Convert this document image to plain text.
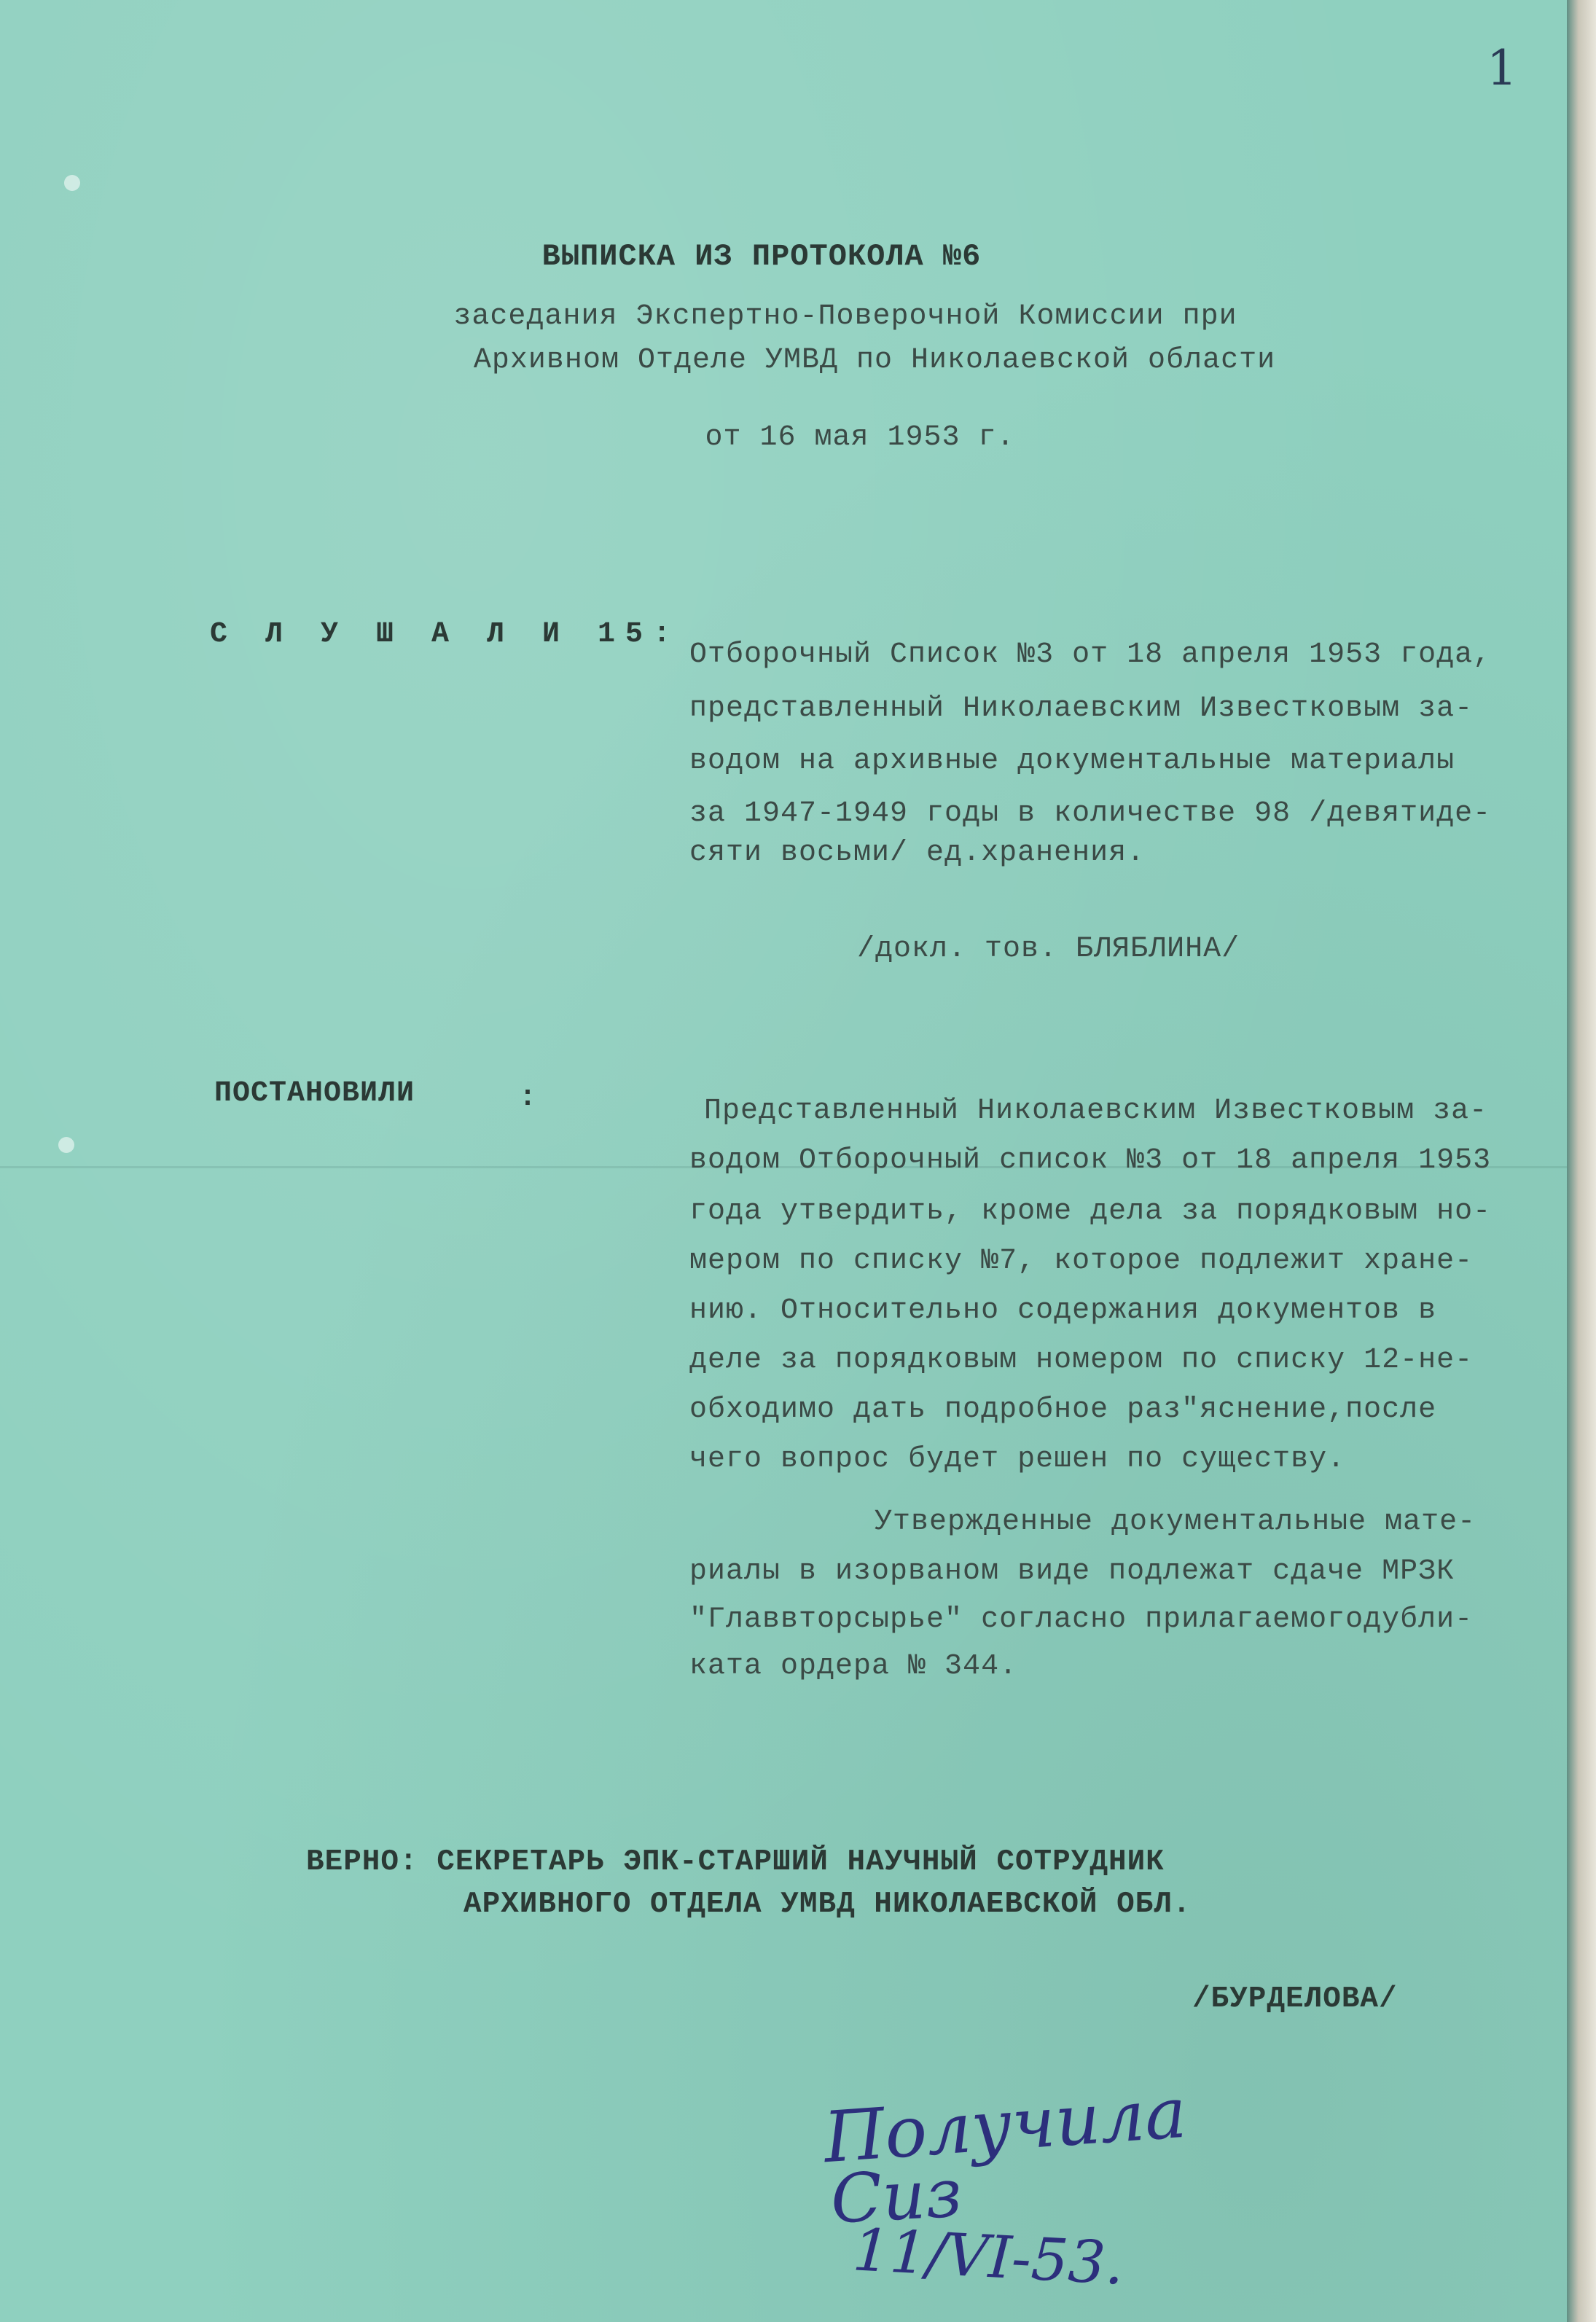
1
ВЫПИСКА ИЗ ПРОТОКОЛА №6
заседания Экспертно-Поверочной Комиссии при
Архивном Отделе УМВД по Николаевской области
от 16 мая 1953 г.
С Л У Ш А Л И 15:
Отборочный Список №3 от 18 апреля 1953 года,
представленный Николаевским Известковым за-
водом на архивные документальные материалы
за 1947-1949 годы в количестве 98 /девятиде-
сяти восьми/ ед.хранения.
/докл. тов. БЛЯБЛИНА/
ПОСТАНОВИЛИ	:	Представленный Николаевским Известковым за-
водом Отборочный список №3 от 18 апреля 1953
года утвердить, кроме дела за порядковым но-
мером по списку №7, которое подлежит хране-
нию. Относительно содержания документов в
деле за порядковым номером по списку 12-не-
обходимо дать подробное раз"яснение,после
чего вопрос будет решен по существу.
Утвержденные документальные мате-
риалы в изорваном виде подлежат сдаче МРЗК
"Главвторсырье" согласно прилагаемогодубли-
ката ордера № 344.
ВЕРНО: СЕКРЕТАРЬ ЭПК-СТАРШИЙ НАУЧНЫЙ СОТРУДНИК
АРХИВНОГО ОТДЕЛА УМВД НИКОЛАЕВСКОЙ ОБЛ.
/БУРДЕЛОВА/
Получила
Сиз
11/VI-53.
